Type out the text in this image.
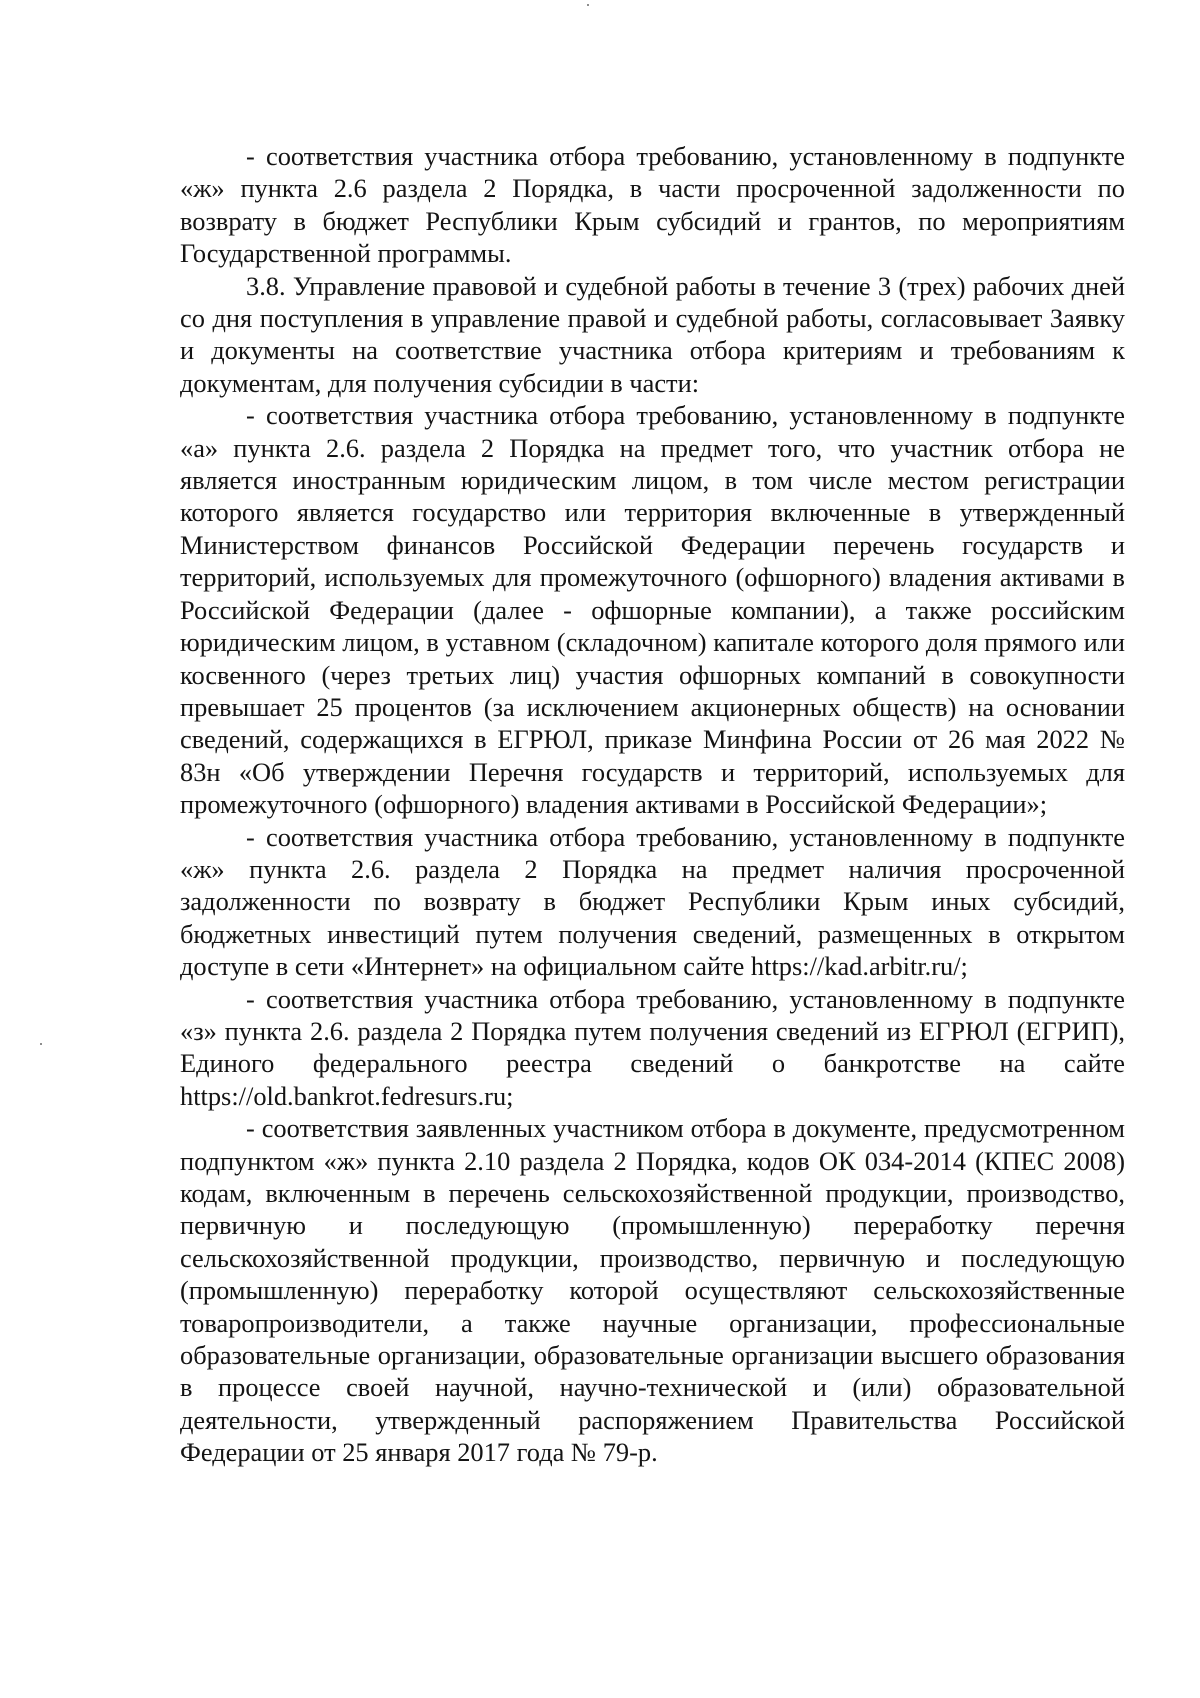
- соответствия участника отбора требованию, установленному в подпункте «ж» пункта 2.6 раздела 2 Порядка, в части просроченной задолженности по возврату в бюджет Республики Крым субсидий и грантов, по мероприятиям Государственной программы.

3.8. Управление правовой и судебной работы в течение 3 (трех) рабочих дней со дня поступления в управление правой и судебной работы, согласовывает Заявку и документы на соответствие участника отбора критериям и требованиям к документам, для получения субсидии в части:

- соответствия участника отбора требованию, установленному в подпункте «а» пункта 2.6. раздела 2 Порядка на предмет того, что участник отбора не является иностранным юридическим лицом, в том числе местом регистрации которого является государство или территория включенные в утвержденный Министерством финансов Российской Федерации перечень государств и территорий, используемых для промежуточного (офшорного) владения активами в Российской Федерации (далее - офшорные компании), а также российским юридическим лицом, в уставном (складочном) капитале которого доля прямого или косвенного (через третьих лиц) участия офшорных компаний в совокупности превышает 25 процентов (за исключением акционерных обществ) на основании сведений, содержащихся в ЕГРЮЛ, приказе Минфина России от 26 мая 2022 № 83н «Об утверждении Перечня государств и территорий, используемых для промежуточного (офшорного) владения активами в Российской Федерации»;

- соответствия участника отбора требованию, установленному в подпункте «ж» пункта 2.6. раздела 2 Порядка на предмет наличия просроченной задолженности по возврату в бюджет Республики Крым иных субсидий, бюджетных инвестиций путем получения сведений, размещенных в открытом доступе в сети «Интернет» на официальном сайте https://kad.arbitr.ru/;

- соответствия участника отбора требованию, установленному в подпункте «з» пункта 2.6. раздела 2 Порядка путем получения сведений из ЕГРЮЛ (ЕГРИП), Единого федерального реестра сведений о банкротстве на сайте https://old.bankrot.fedresurs.ru;

- соответствия заявленных участником отбора в документе, предусмотренном подпунктом «ж» пункта 2.10 раздела 2 Порядка, кодов ОК 034-2014 (КПЕС 2008) кодам, включенным в перечень сельскохозяйственной продукции, производство, первичную и последующую (промышленную) переработку перечня сельскохозяйственной продукции, производство, первичную и последующую (промышленную) переработку которой осуществляют сельскохозяйственные товаропроизводители, а также научные организации, профессиональные образовательные организации, образовательные организации высшего образования в процессе своей научной, научно-технической и (или) образовательной деятельности, утвержденный распоряжением Правительства Российской Федерации от 25 января 2017 года № 79-р.
